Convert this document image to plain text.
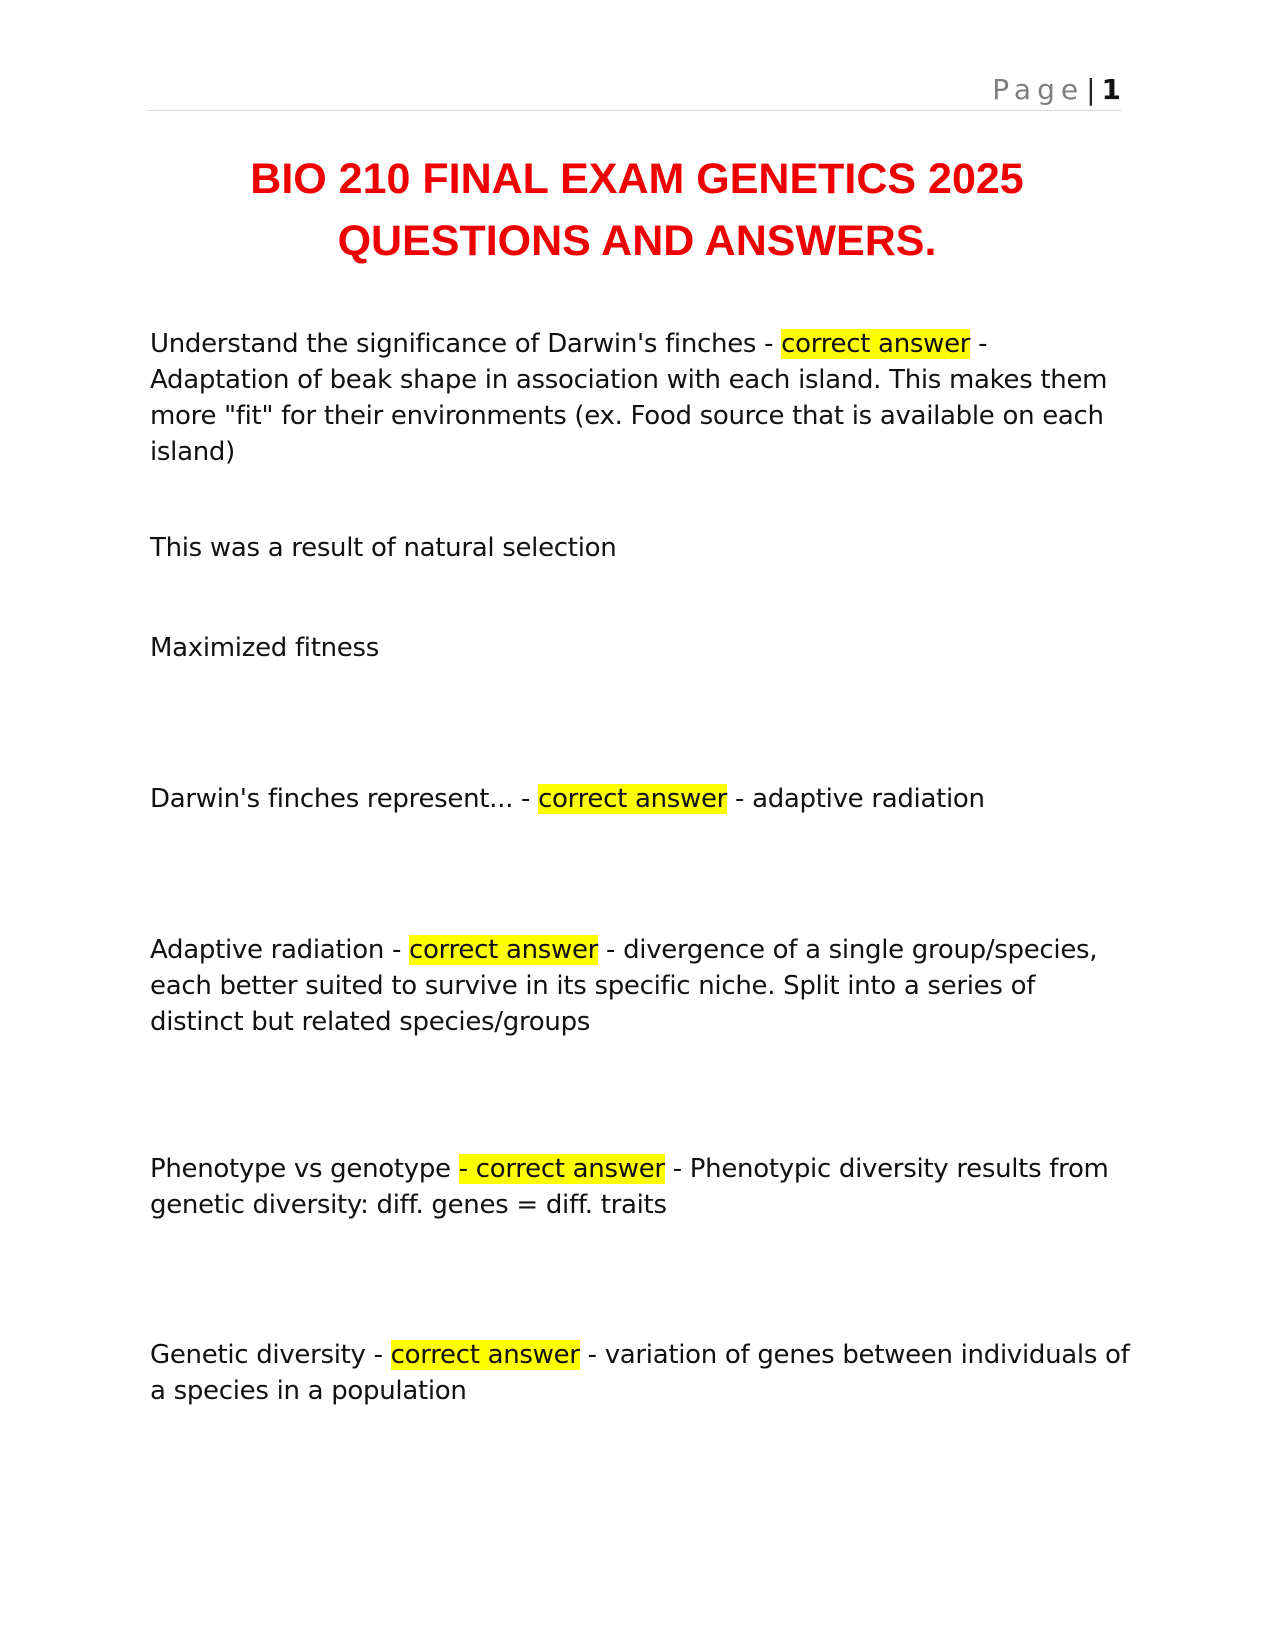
Page| 1
BIO 210 FINAL EXAM GENETICS 2025 QUESTIONS AND ANSWERS.

Understand the significance of Darwin's finches - correct answer - Adaptation of beak shape in association with each island. This makes them more "fit" for their environments (ex. Food source that is available on each island)

This was a result of natural selection

Maximized fitness

Darwin's finches represent... - correct answer - adaptive radiation

Adaptive radiation - correct answer - divergence of a single group/species, each better suited to survive in its specific niche. Split into a series of distinct but related species/groups

Phenotype vs genotype - correct answer - Phenotypic diversity results from genetic diversity: diff. genes = diff. traits

Genetic diversity - correct answer - variation of genes between individuals of a species in a population
